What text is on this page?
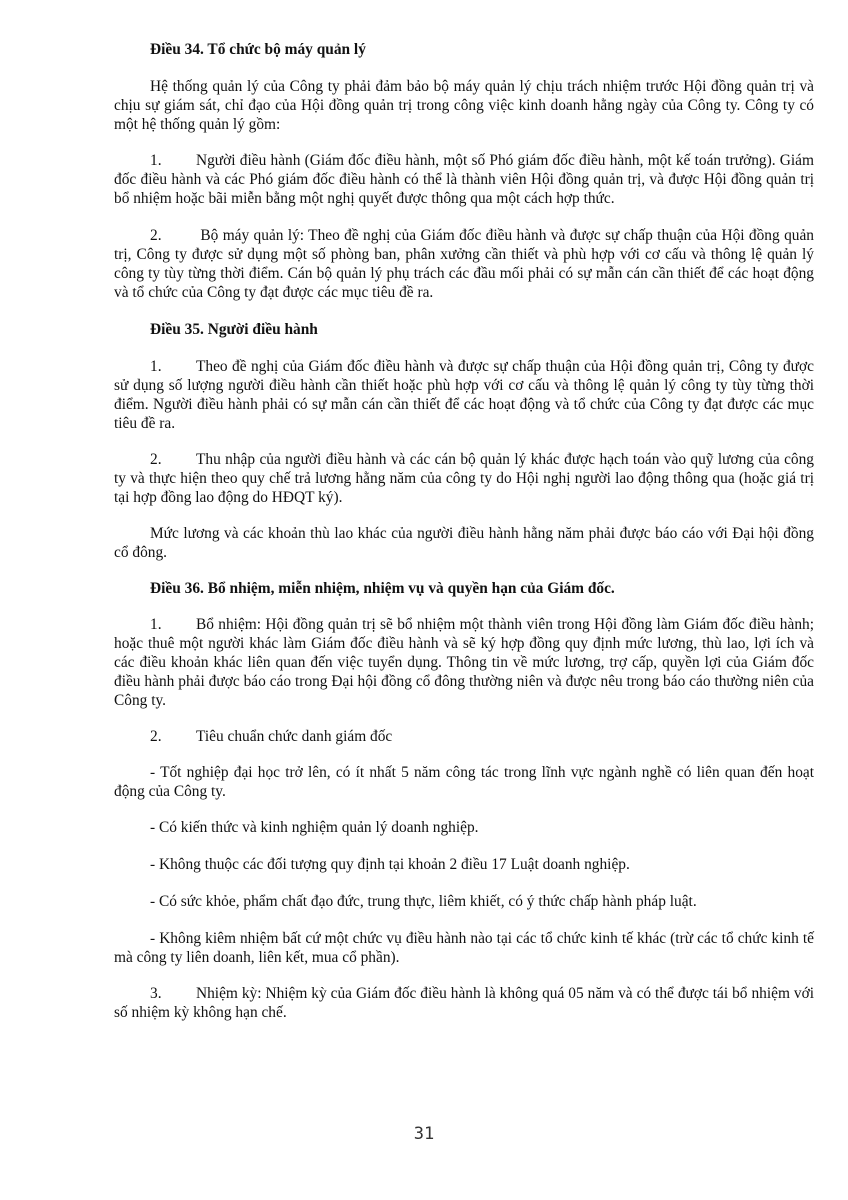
Điều 34. Tổ chức bộ máy quản lý

Hệ thống quản lý của Công ty phải đảm bảo bộ máy quản lý chịu trách nhiệm trước Hội đồng quản trị và chịu sự giám sát, chỉ đạo của Hội đồng quản trị trong công việc kinh doanh hằng ngày của Công ty. Công ty có một hệ thống quản lý gồm:

1. Người điều hành (Giám đốc điều hành, một số Phó giám đốc điều hành, một kế toán trưởng). Giám đốc điều hành và các Phó giám đốc điều hành có thể là thành viên Hội đồng quản trị, và được Hội đồng quản trị bổ nhiệm hoặc bãi miễn bằng một nghị quyết được thông qua một cách hợp thức.

2. Bộ máy quản lý: Theo đề nghị của Giám đốc điều hành và được sự chấp thuận của Hội đồng quản trị, Công ty được sử dụng một số phòng ban, phân xưởng cần thiết và phù hợp với cơ cấu và thông lệ quản lý công ty tùy từng thời điểm. Cán bộ quản lý phụ trách các đầu mối phải có sự mẫn cán cần thiết để các hoạt động và tổ chức của Công ty đạt được các mục tiêu đề ra.

Điều 35. Người điều hành

1. Theo đề nghị của Giám đốc điều hành và được sự chấp thuận của Hội đồng quản trị, Công ty được sử dụng số lượng người điều hành cần thiết hoặc phù hợp với cơ cấu và thông lệ quản lý công ty tùy từng thời điểm. Người điều hành phải có sự mẫn cán cần thiết để các hoạt động và tổ chức của Công ty đạt được các mục tiêu đề ra.

2. Thu nhập của người điều hành và các cán bộ quản lý khác được hạch toán vào quỹ lương của công ty và thực hiện theo quy chế trả lương hằng năm của công ty do Hội nghị người lao động thông qua (hoặc giá trị tại hợp đồng lao động do HĐQT ký).

Mức lương và các khoản thù lao khác của người điều hành hằng năm phải được báo cáo với Đại hội đồng cổ đông.

Điều 36. Bổ nhiệm, miễn nhiệm, nhiệm vụ và quyền hạn của Giám đốc.

1. Bổ nhiệm: Hội đồng quản trị sẽ bổ nhiệm một thành viên trong Hội đồng làm Giám đốc điều hành; hoặc thuê một người khác làm Giám đốc điều hành và sẽ ký hợp đồng quy định mức lương, thù lao, lợi ích và các điều khoản khác liên quan đến việc tuyển dụng. Thông tin về mức lương, trợ cấp, quyền lợi của Giám đốc điều hành phải được báo cáo trong Đại hội đồng cổ đông thường niên và được nêu trong báo cáo thường niên của Công ty.

2. Tiêu chuẩn chức danh giám đốc

- Tốt nghiệp đại học trở lên, có ít nhất 5 năm công tác trong lĩnh vực ngành nghề có liên quan đến hoạt động của Công ty.

- Có kiến thức và kinh nghiệm quản lý doanh nghiệp.

- Không thuộc các đối tượng quy định tại khoản 2 điều 17 Luật doanh nghiệp.

- Có sức khỏe, phẩm chất đạo đức, trung thực, liêm khiết, có ý thức chấp hành pháp luật.

- Không kiêm nhiệm bất cứ một chức vụ điều hành nào tại các tổ chức kinh tế khác (trừ các tổ chức kinh tế mà công ty liên doanh, liên kết, mua cổ phần).

3. Nhiệm kỳ: Nhiệm kỳ của Giám đốc điều hành là không quá 05 năm và có thể được tái bổ nhiệm với số nhiệm kỳ không hạn chế.

31
